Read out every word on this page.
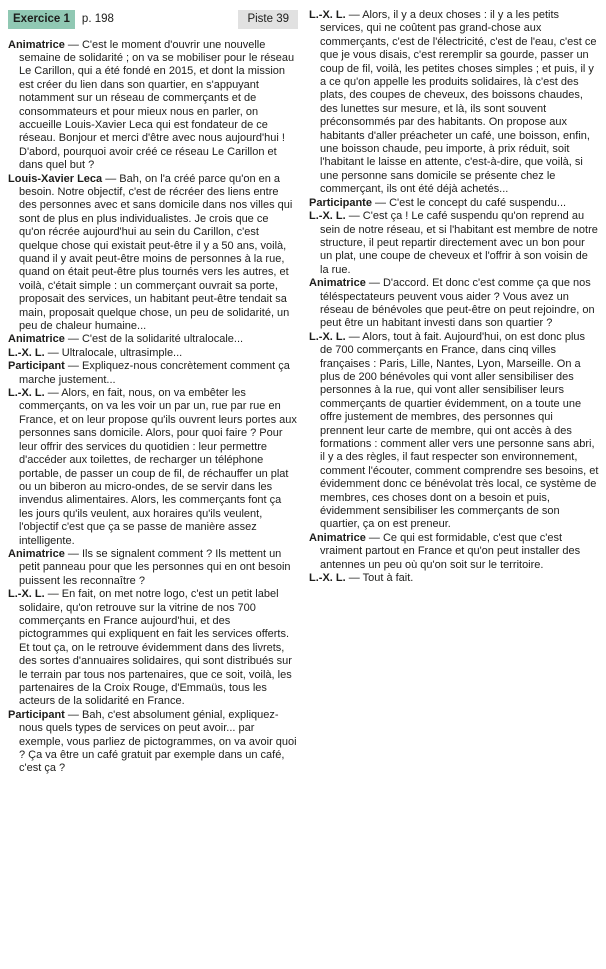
Exercice 1	p. 198	Piste 39

Animatrice — C'est le moment d'ouvrir une nouvelle semaine de solidarité ; on va se mobiliser pour le réseau Le Carillon, qui a été fondé en 2015, et dont la mission est créer du lien dans son quartier, en s'appuyant notamment sur un réseau de commerçants et de consommateurs et pour mieux nous en parler, on accueille Louis-Xavier Leca qui est fondateur de ce réseau. Bonjour et merci d'être avec nous aujourd'hui ! D'abord, pourquoi avoir créé ce réseau Le Carillon et dans quel but ?

Louis-Xavier Leca — Bah, on l'a créé parce qu'on en a besoin. Notre objectif, c'est de récréer des liens entre des personnes avec et sans domicile dans nos villes qui sont de plus en plus individualistes. Je crois que ce qu'on récrée aujourd'hui au sein du Carillon, c'est quelque chose qui existait peut-être il y a 50 ans, voilà, quand il y avait peut-être moins de personnes à la rue, quand on était peut-être plus tournés vers les autres, et voilà, c'était simple : un commerçant ouvrait sa porte, proposait des services, un habitant peut-être tendait sa main, proposait quelque chose, un peu de solidarité, un peu de chaleur humaine...

Animatrice — C'est de la solidarité ultralocale...

L.-X. L. — Ultralocale, ultrasimple...

Participant — Expliquez-nous concrètement comment ça marche justement...

L.-X. L. — Alors, en fait, nous, on va embêter les commerçants, on va les voir un par un, rue par rue en France, et on leur propose qu'ils ouvrent leurs portes aux personnes sans domicile. Alors, pour quoi faire ? Pour leur offrir des services du quotidien : leur permettre d'accéder aux toilettes, de recharger un téléphone portable, de passer un coup de fil, de réchauffer un plat ou un biberon au micro-ondes, de se servir dans les invendus alimentaires. Alors, les commerçants font ça les jours qu'ils veulent, aux horaires qu'ils veulent, l'objectif c'est que ça se passe de manière assez intelligente.

Animatrice — Ils se signalent comment ? Ils mettent un petit panneau pour que les personnes qui en ont besoin puissent les reconnaître ?

L.-X. L. — En fait, on met notre logo, c'est un petit label solidaire, qu'on retrouve sur la vitrine de nos 700 commerçants en France aujourd'hui, et des pictogrammes qui expliquent en fait les services offerts. Et tout ça, on le retrouve évidemment dans des livrets, des sortes d'annuaires solidaires, qui sont distribués sur le terrain par tous nos partenaires, que ce soit, voilà, les partenaires de la Croix Rouge, d'Emmaüs, tous les acteurs de la solidarité en France.

Participant — Bah, c'est absolument génial, expliquez-nous quels types de services on peut avoir... par exemple, vous parliez de pictogrammes, on va avoir quoi ? Ça va être un café gratuit par exemple dans un café, c'est ça ?

L.-X. L. — Alors, il y a deux choses : il y a les petits services, qui ne coûtent pas grand-chose aux commerçants, c'est de l'électricité, c'est de l'eau, c'est ce que je vous disais, c'est reremplir sa gourde, passer un coup de fil, voilà, les petites choses simples ; et puis, il y a ce qu'on appelle les produits solidaires, là c'est des plats, des coupes de cheveux, des boissons chaudes, des lunettes sur mesure, et là, ils sont souvent préconsommés par des habitants. On propose aux habitants d'aller préacheter un café, une boisson, enfin, une boisson chaude, peu importe, à prix réduit, soit l'habitant le laisse en attente, c'est-à-dire, que voilà, si une personne sans domicile se présente chez le commerçant, ils ont été déjà achetés...

Participante — C'est le concept du café suspendu...

L.-X. L. — C'est ça ! Le café suspendu qu'on reprend au sein de notre réseau, et si l'habitant est membre de notre structure, il peut repartir directement avec un bon pour un plat, une coupe de cheveux et l'offrir à son voisin de la rue.

Animatrice — D'accord. Et donc c'est comme ça que nos téléspectateurs peuvent vous aider ? Vous avez un réseau de bénévoles que peut-être on peut rejoindre, on peut être un habitant investi dans son quartier ?

L.-X. L. — Alors, tout à fait. Aujourd'hui, on est donc plus de 700 commerçants en France, dans cinq villes françaises : Paris, Lille, Nantes, Lyon, Marseille. On a plus de 200 bénévoles qui vont aller sensibiliser des personnes à la rue, qui vont aller sensibiliser leurs commerçants de quartier évidemment, on a toute une offre justement de membres, des personnes qui prennent leur carte de membre, qui ont accès à des formations : comment aller vers une personne sans abri, il y a des règles, il faut respecter son environnement, comment l'écouter, comment comprendre ses besoins, et évidemment donc ce bénévolat très local, ce système de membres, ces choses dont on a besoin et puis, évidemment sensibiliser les commerçants de son quartier, ça on est preneur.

Animatrice — Ce qui est formidable, c'est que c'est vraiment partout en France et qu'on peut installer des antennes un peu où qu'on soit sur le territoire.

L.-X. L. — Tout à fait.
